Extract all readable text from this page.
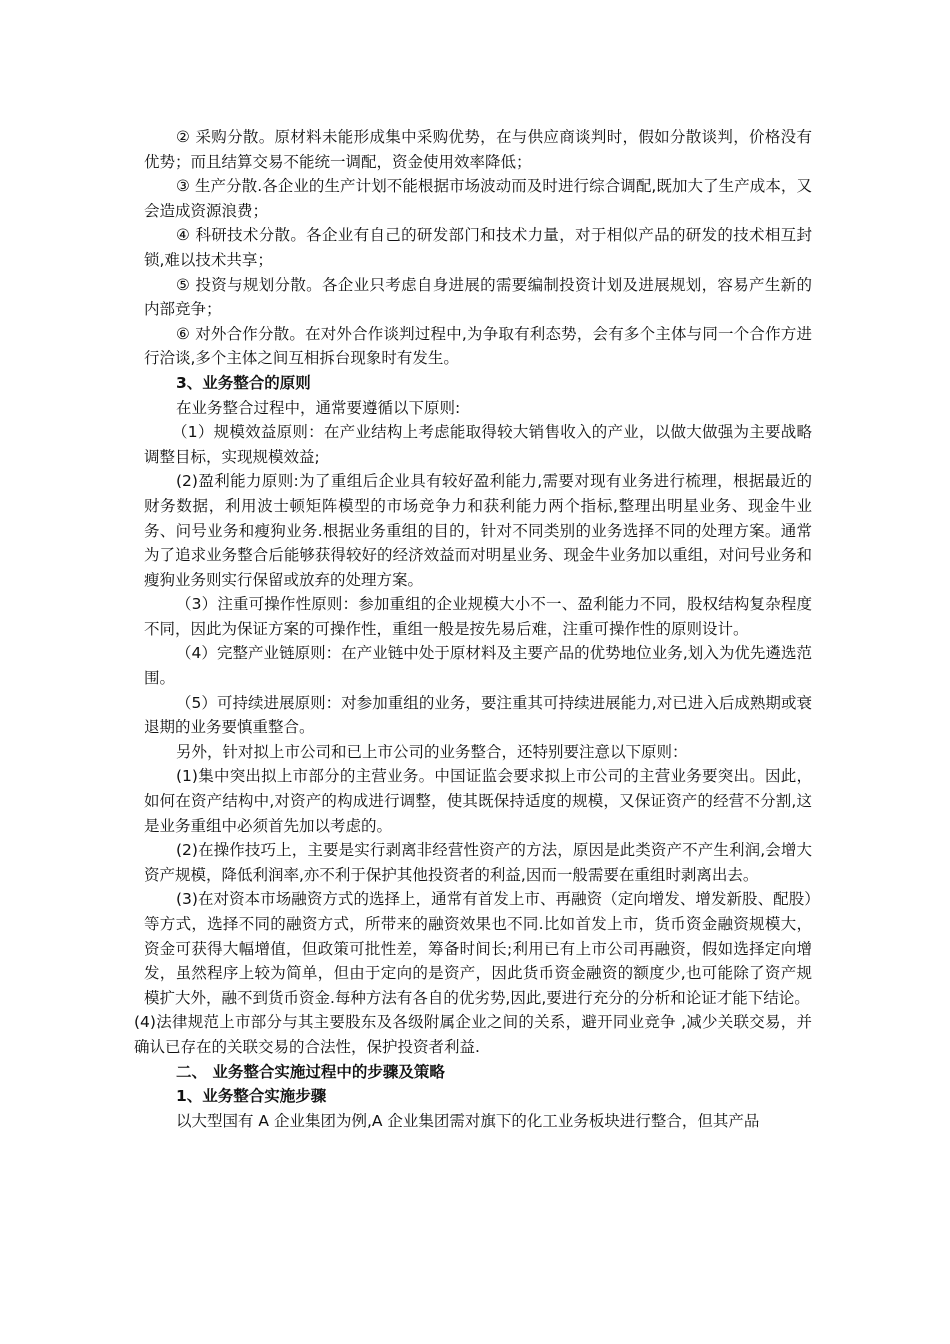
② 采购分散。原材料未能形成集中采购优势，在与供应商谈判时，假如分散谈判，价格没有优势；而且结算交易不能统一调配，资金使用效率降低；

③ 生产分散.各企业的生产计划不能根据市场波动而及时进行综合调配,既加大了生产成本，又会造成资源浪费；

④ 科研技术分散。各企业有自己的研发部门和技术力量，对于相似产品的研发的技术相互封锁,难以技术共享；

⑤ 投资与规划分散。各企业只考虑自身进展的需要编制投资计划及进展规划，容易产生新的内部竞争；

⑥ 对外合作分散。在对外合作谈判过程中,为争取有利态势，会有多个主体与同一个合作方进行洽谈,多个主体之间互相拆台现象时有发生。

3、业务整合的原则

在业务整合过程中，通常要遵循以下原则:

（1）规模效益原则：在产业结构上考虑能取得较大销售收入的产业，以做大做强为主要战略调整目标，实现规模效益;

(2)盈利能力原则:为了重组后企业具有较好盈利能力,需要对现有业务进行梳理，根据最近的财务数据，利用波士顿矩阵模型的市场竞争力和获利能力两个指标,整理出明星业务、现金牛业务、问号业务和瘦狗业务.根据业务重组的目的，针对不同类别的业务选择不同的处理方案。通常为了追求业务整合后能够获得较好的经济效益而对明星业务、现金牛业务加以重组，对问号业务和瘦狗业务则实行保留或放弃的处理方案。

（3）注重可操作性原则：参加重组的企业规模大小不一、盈利能力不同，股权结构复杂程度不同，因此为保证方案的可操作性，重组一般是按先易后难，注重可操作性的原则设计。

（4）完整产业链原则：在产业链中处于原材料及主要产品的优势地位业务,划入为优先遴选范围。

（5）可持续进展原则：对参加重组的业务，要注重其可持续进展能力,对已进入后成熟期或衰退期的业务要慎重整合。

另外，针对拟上市公司和已上市公司的业务整合，还特别要注意以下原则：

(1)集中突出拟上市部分的主营业务。中国证监会要求拟上市公司的主营业务要突出。因此，如何在资产结构中,对资产的构成进行调整，使其既保持适度的规模，又保证资产的经营不分割,这是业务重组中必须首先加以考虑的。

(2)在操作技巧上，主要是实行剥离非经营性资产的方法，原因是此类资产不产生利润,会增大资产规模，降低利润率,亦不利于保护其他投资者的利益,因而一般需要在重组时剥离出去。

(3)在对资本市场融资方式的选择上，通常有首发上市、再融资（定向增发、增发新股、配股）等方式，选择不同的融资方式，所带来的融资效果也不同.比如首发上市，货币资金融资规模大，资金可获得大幅增值，但政策可批性差，筹备时间长;利用已有上市公司再融资，假如选择定向增发，虽然程序上较为简单，但由于定向的是资产，因此货币资金融资的额度少,也可能除了资产规模扩大外，融不到货币资金.每种方法有各自的优劣势,因此,要进行充分的分析和论证才能下结论。

(4)法律规范上市部分与其主要股东及各级附属企业之间的关系，避开同业竞争 ,减少关联交易，并确认已存在的关联交易的合法性，保护投资者利益.

二、 业务整合实施过程中的步骤及策略

1、业务整合实施步骤

以大型国有 A 企业集团为例,A 企业集团需对旗下的化工业务板块进行整合，但其产品
